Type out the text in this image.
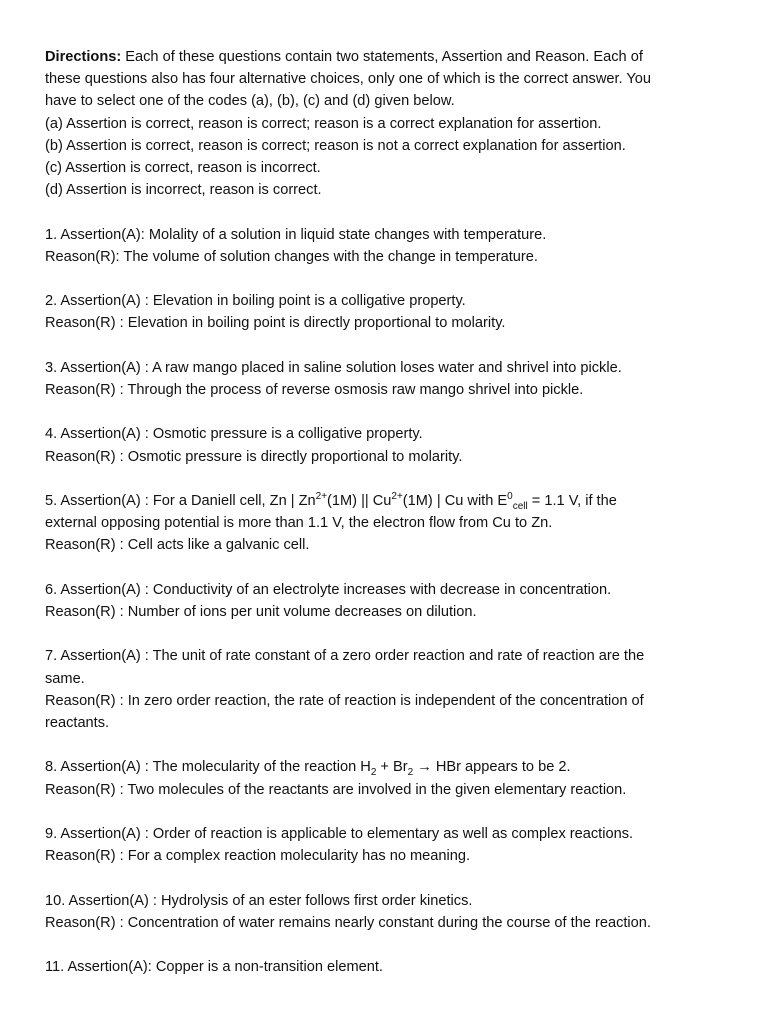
Directions: Each of these questions contain two statements, Assertion and Reason. Each of
these questions also has four alternative choices, only one of which is the correct answer. You
have to select one of the codes (a), (b), (c) and (d) given below.
(a) Assertion is correct, reason is correct; reason is a correct explanation for assertion.
(b) Assertion is correct, reason is correct; reason is not a correct explanation for assertion.
(c) Assertion is correct, reason is incorrect.
(d) Assertion is incorrect, reason is correct.
1. Assertion(A): Molality of a solution in liquid state changes with temperature.
Reason(R): The volume of solution changes with the change in temperature.
2. Assertion(A) : Elevation in boiling point is a colligative property.
Reason(R) : Elevation in boiling point is directly proportional to molarity.
3. Assertion(A) : A raw mango placed in saline solution loses water and shrivel into pickle.
Reason(R) : Through the process of reverse osmosis raw mango shrivel into pickle.
4. Assertion(A) : Osmotic pressure is a colligative property.
Reason(R) : Osmotic pressure is directly proportional to molarity.
5. Assertion(A) : For a Daniell cell, Zn | $Zn^{2+}(1M)$ || $Cu^{2+}(1M)$ | Cu with $E^0_{cell} = 1.1$ V, if the
external opposing potential is more than 1.1 V, the electron flow from Cu to Zn.
Reason(R) : Cell acts like a galvanic cell.
6. Assertion(A) : Conductivity of an electrolyte increases with decrease in concentration.
Reason(R) : Number of ions per unit volume decreases on dilution.
7. Assertion(A) : The unit of rate constant of a zero order reaction and rate of reaction are the
same.
Reason(R) : In zero order reaction, the rate of reaction is independent of the concentration of
reactants.
8. Assertion(A) : The molecularity of the reaction $H_2 + Br_2$ → HBr appears to be 2.
Reason(R) : Two molecules of the reactants are involved in the given elementary reaction.
9. Assertion(A) : Order of reaction is applicable to elementary as well as complex reactions.
Reason(R) : For a complex reaction molecularity has no meaning.
10. Assertion(A) : Hydrolysis of an ester follows first order kinetics.
Reason(R) : Concentration of water remains nearly constant during the course of the reaction.
11. Assertion(A): Copper is a non-transition element.
